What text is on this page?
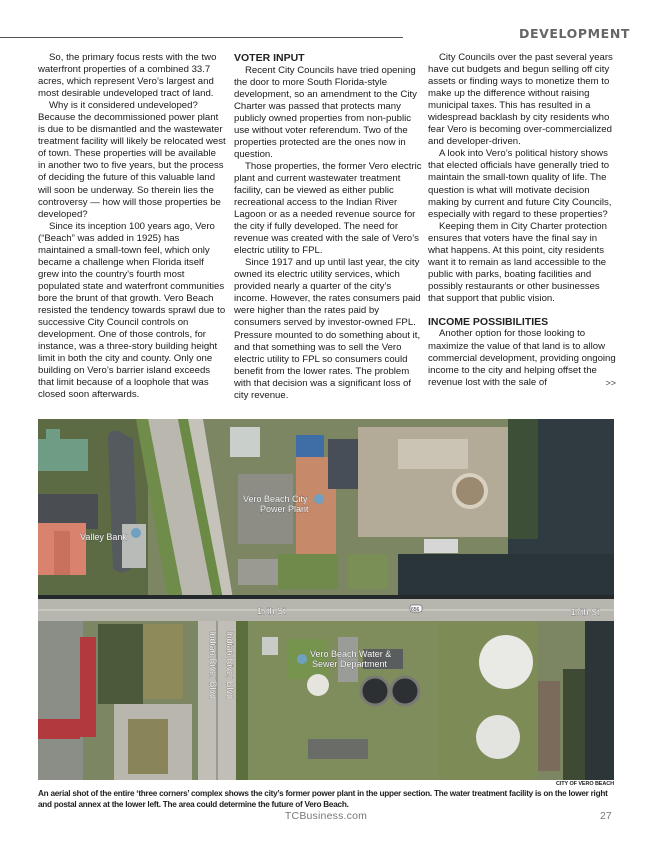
DEVELOPMENT

So, the primary focus rests with the two waterfront properties of a combined 33.7 acres, which represent Vero’s largest and most desirable undeveloped tract of land.

Why is it considered undeveloped? Because the decommissioned power plant is due to be dismantled and the wastewater treatment facility will likely be relocated west of town. These properties will be available in another two to five years, but the process of deciding the future of this valuable land will soon be underway. So therein lies the controversy — how will those properties be developed?

Since its inception 100 years ago, Vero (“Beach” was added in 1925) has maintained a small-town feel, which only became a challenge when Florida itself grew into the country’s fourth most populated state and waterfront communities bore the brunt of that growth. Vero Beach resisted the tendency towards sprawl due to successive City Council controls on development. One of those controls, for instance, was a three-story building height limit in both the city and county. Only one building on Vero’s barrier island exceeds that limit because of a loophole that was closed soon afterwards.

VOTER INPUT

Recent City Councils have tried opening the door to more South Florida-style development, so an amendment to the City Charter was passed that protects many publicly owned properties from non-public use without voter referendum. Two of the properties protected are the ones now in question.

Those properties, the former Vero electric plant and current wastewater treatment facility, can be viewed as either public recreational access to the Indian River Lagoon or as a needed revenue source for the city if fully developed. The need for revenue was created with the sale of Vero’s electric utility to FPL.

Since 1917 and up until last year, the city owned its electric utility services, which provided nearly a quarter of the city’s income. However, the rates consumers paid were higher than the rates paid by consumers served by investor-owned FPL. Pressure mounted to do something about it, and that something was to sell the Vero electric utility to FPL so consumers could benefit from the lower rates. The problem with that decision was a significant loss of city revenue.

City Councils over the past several years have cut budgets and begun selling off city assets or finding ways to monetize them to make up the difference without raising municipal taxes. This has resulted in a widespread backlash by city residents who fear Vero is becoming over-commercialized and developer-driven.

A look into Vero’s political history shows that elected officials have generally tried to maintain the small-town quality of life. The question is what will motivate decision making by current and future City Councils, especially with regard to these properties?

Keeping them in City Charter protection ensures that voters have the final say in what happens. At this point, city residents want it to remain as land accessible to the public with parks, boating facilities and possibly restaurants or other businesses that support that public vision.

INCOME POSSIBILITIES

Another option for those looking to maximize the value of that land is to allow commercial development, providing ongoing income to the city and helping offset the revenue lost with the sale of	>>

Vero Beach City
Power Plant
Valley Bank
17th St	17th St
656
Vero Beach Water &
Sewer Department
Indian River Blvd Indian River Blvd
CITY OF VERO BEACH
An aerial shot of the entire ‘three corners’ complex shows the city’s former power plant in the upper section. The water treatment facility is on the lower right and postal annex at the lower left. The area could determine the future of Vero Beach.
TCBusiness.com	27
